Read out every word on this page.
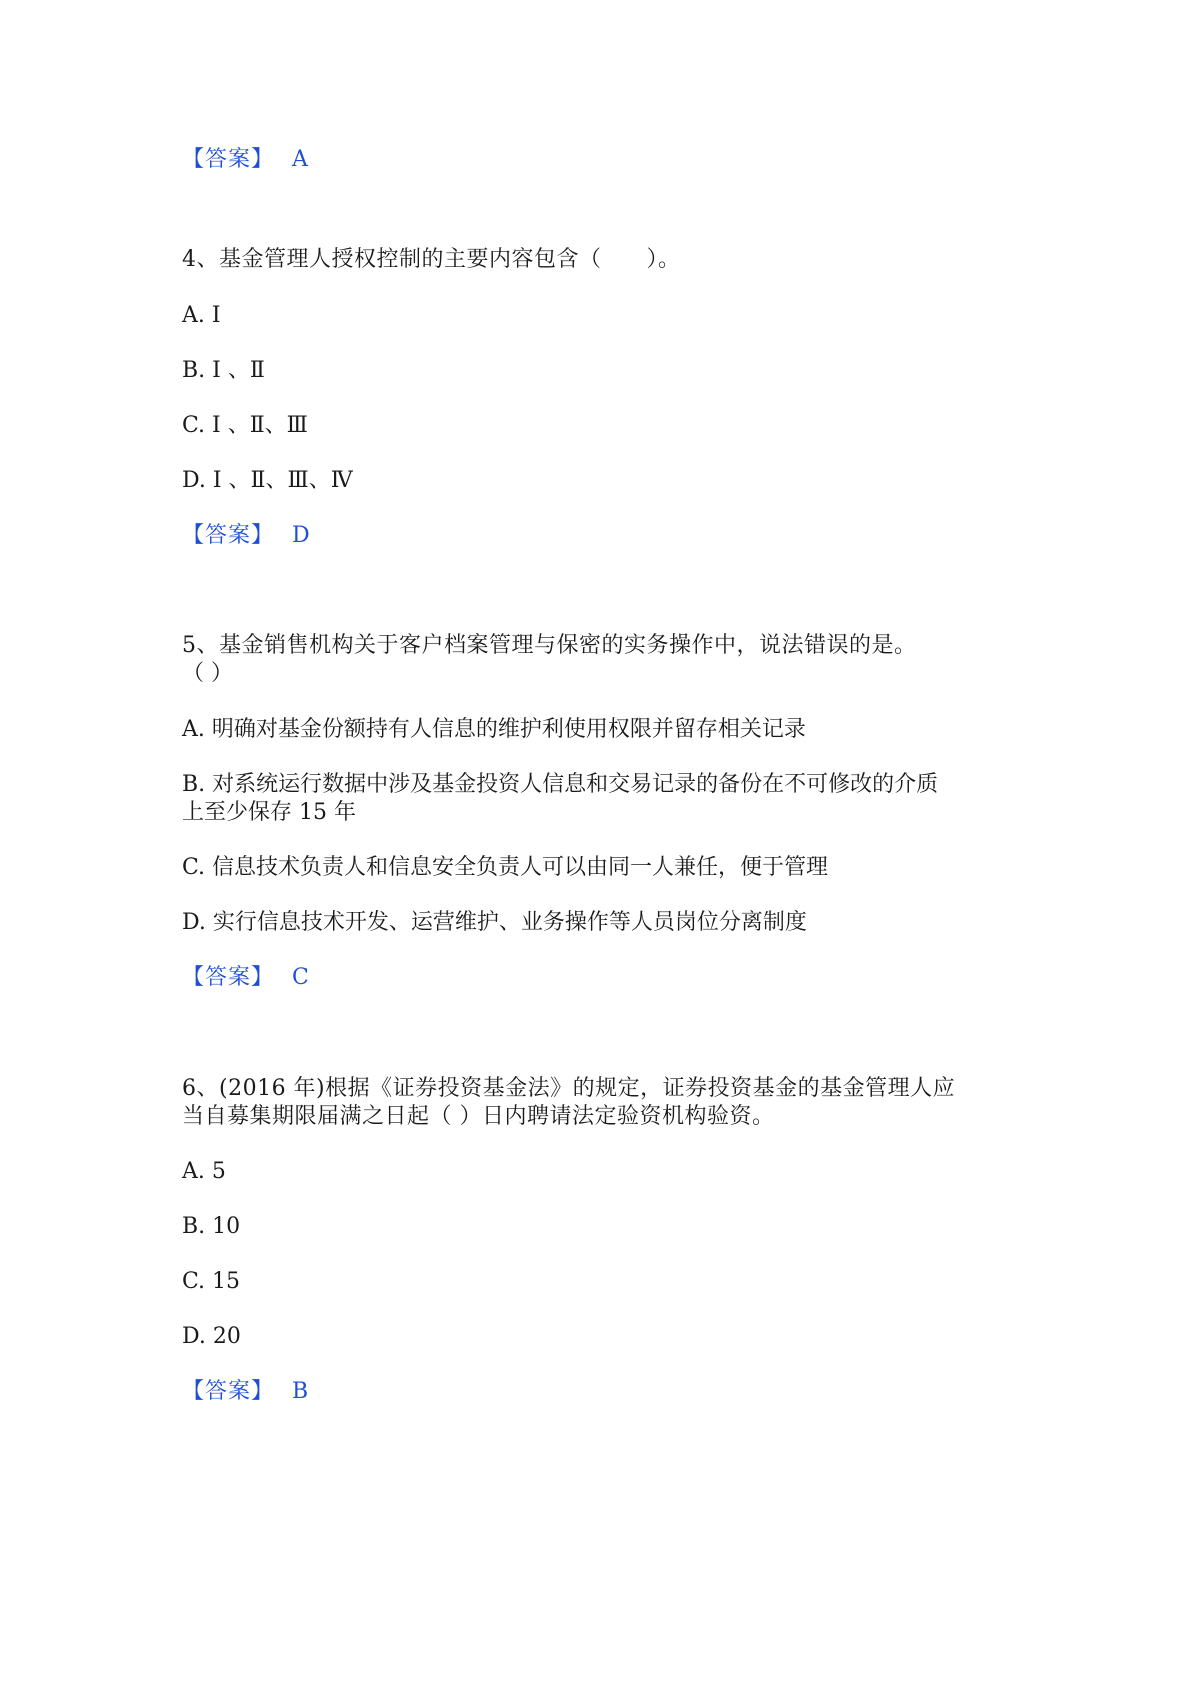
【答案】 A
4、基金管理人授权控制的主要内容包含（　　）。
A. Ⅰ
B. Ⅰ 、Ⅱ
C. Ⅰ 、Ⅱ、Ⅲ
D. Ⅰ 、Ⅱ、Ⅲ、Ⅳ
【答案】 D
5、基金销售机构关于客户档案管理与保密的实务操作中，说法错误的是。
（ ）
A. 明确对基金份额持有人信息的维护利使用权限并留存相关记录
B. 对系统运行数据中涉及基金投资人信息和交易记录的备份在不可修改的介质
上至少保存 15 年
C. 信息技术负责人和信息安全负责人可以由同一人兼任，便于管理
D. 实行信息技术开发、运营维护、业务操作等人员岗位分离制度
【答案】 C
6、(2016 年)根据《证券投资基金法》的规定，证券投资基金的基金管理人应
当自募集期限届满之日起（ ）日内聘请法定验资机构验资。
A. 5
B. 10
C. 15
D. 20
【答案】 B
